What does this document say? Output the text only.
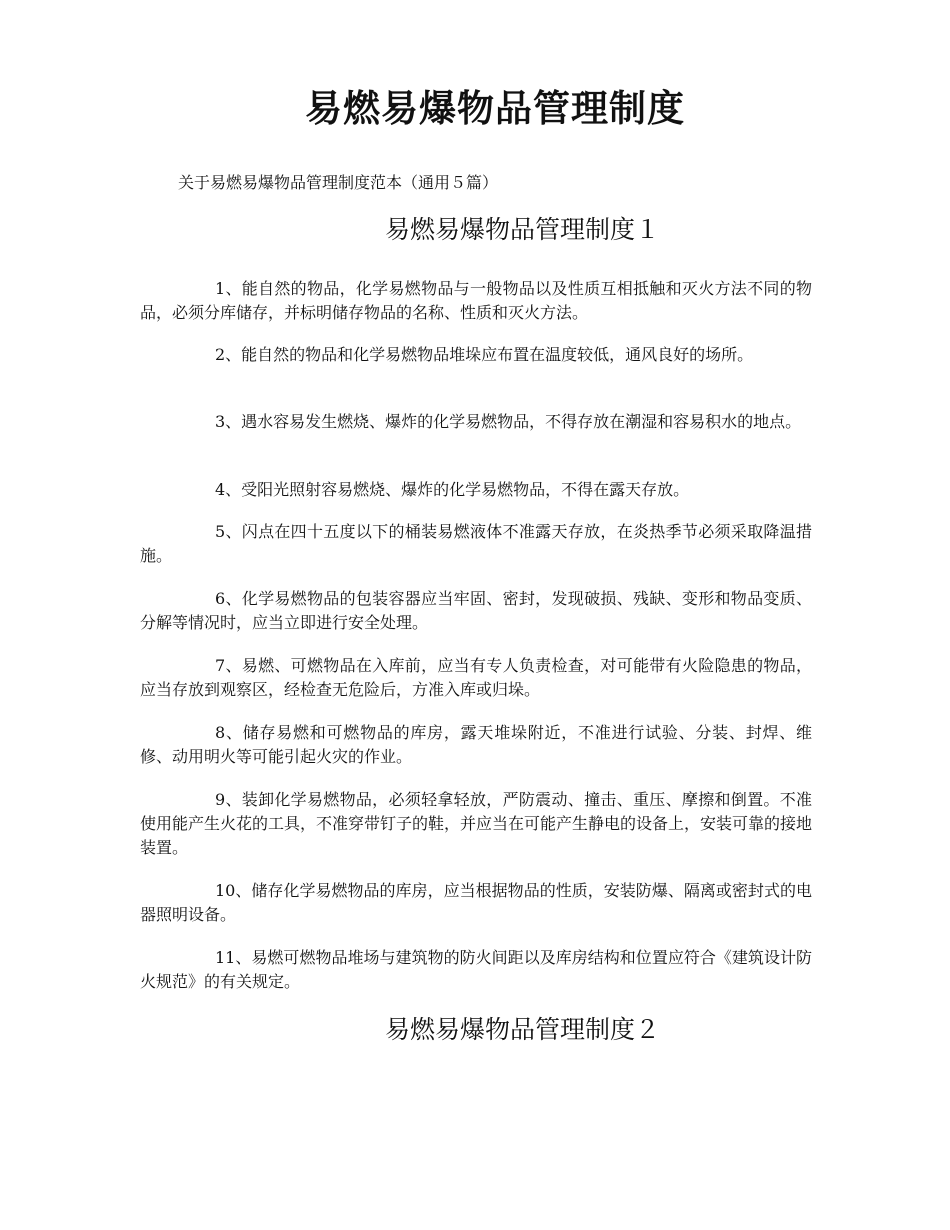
易燃易爆物品管理制度

关于易燃易爆物品管理制度范本（通用５篇）

易燃易爆物品管理制度１

1、能自然的物品，化学易燃物品与一般物品以及性质互相抵触和灭火方法不同的物品，必须分库储存，并标明储存物品的名称、性质和灭火方法。

2、能自然的物品和化学易燃物品堆垛应布置在温度较低，通风良好的场所。

3、遇水容易发生燃烧、爆炸的化学易燃物品，不得存放在潮湿和容易积水的地点。

4、受阳光照射容易燃烧、爆炸的化学易燃物品，不得在露天存放。

5、闪点在四十五度以下的桶装易燃液体不准露天存放，在炎热季节必须采取降温措施。

6、化学易燃物品的包装容器应当牢固、密封，发现破损、残缺、变形和物品变质、分解等情况时，应当立即进行安全处理。

7、易燃、可燃物品在入库前，应当有专人负责检查，对可能带有火险隐患的物品，应当存放到观察区，经检查无危险后，方准入库或归垛。

8、储存易燃和可燃物品的库房，露天堆垛附近，不准进行试验、分装、封焊、维修、动用明火等可能引起火灾的作业。

9、装卸化学易燃物品，必须轻拿轻放，严防震动、撞击、重压、摩擦和倒置。不准使用能产生火花的工具，不准穿带钉子的鞋，并应当在可能产生静电的设备上，安装可靠的接地装置。

10、储存化学易燃物品的库房，应当根据物品的性质，安装防爆、隔离或密封式的电器照明设备。

11、易燃可燃物品堆场与建筑物的防火间距以及库房结构和位置应符合《建筑设计防火规范》的有关规定。

易燃易爆物品管理制度２
